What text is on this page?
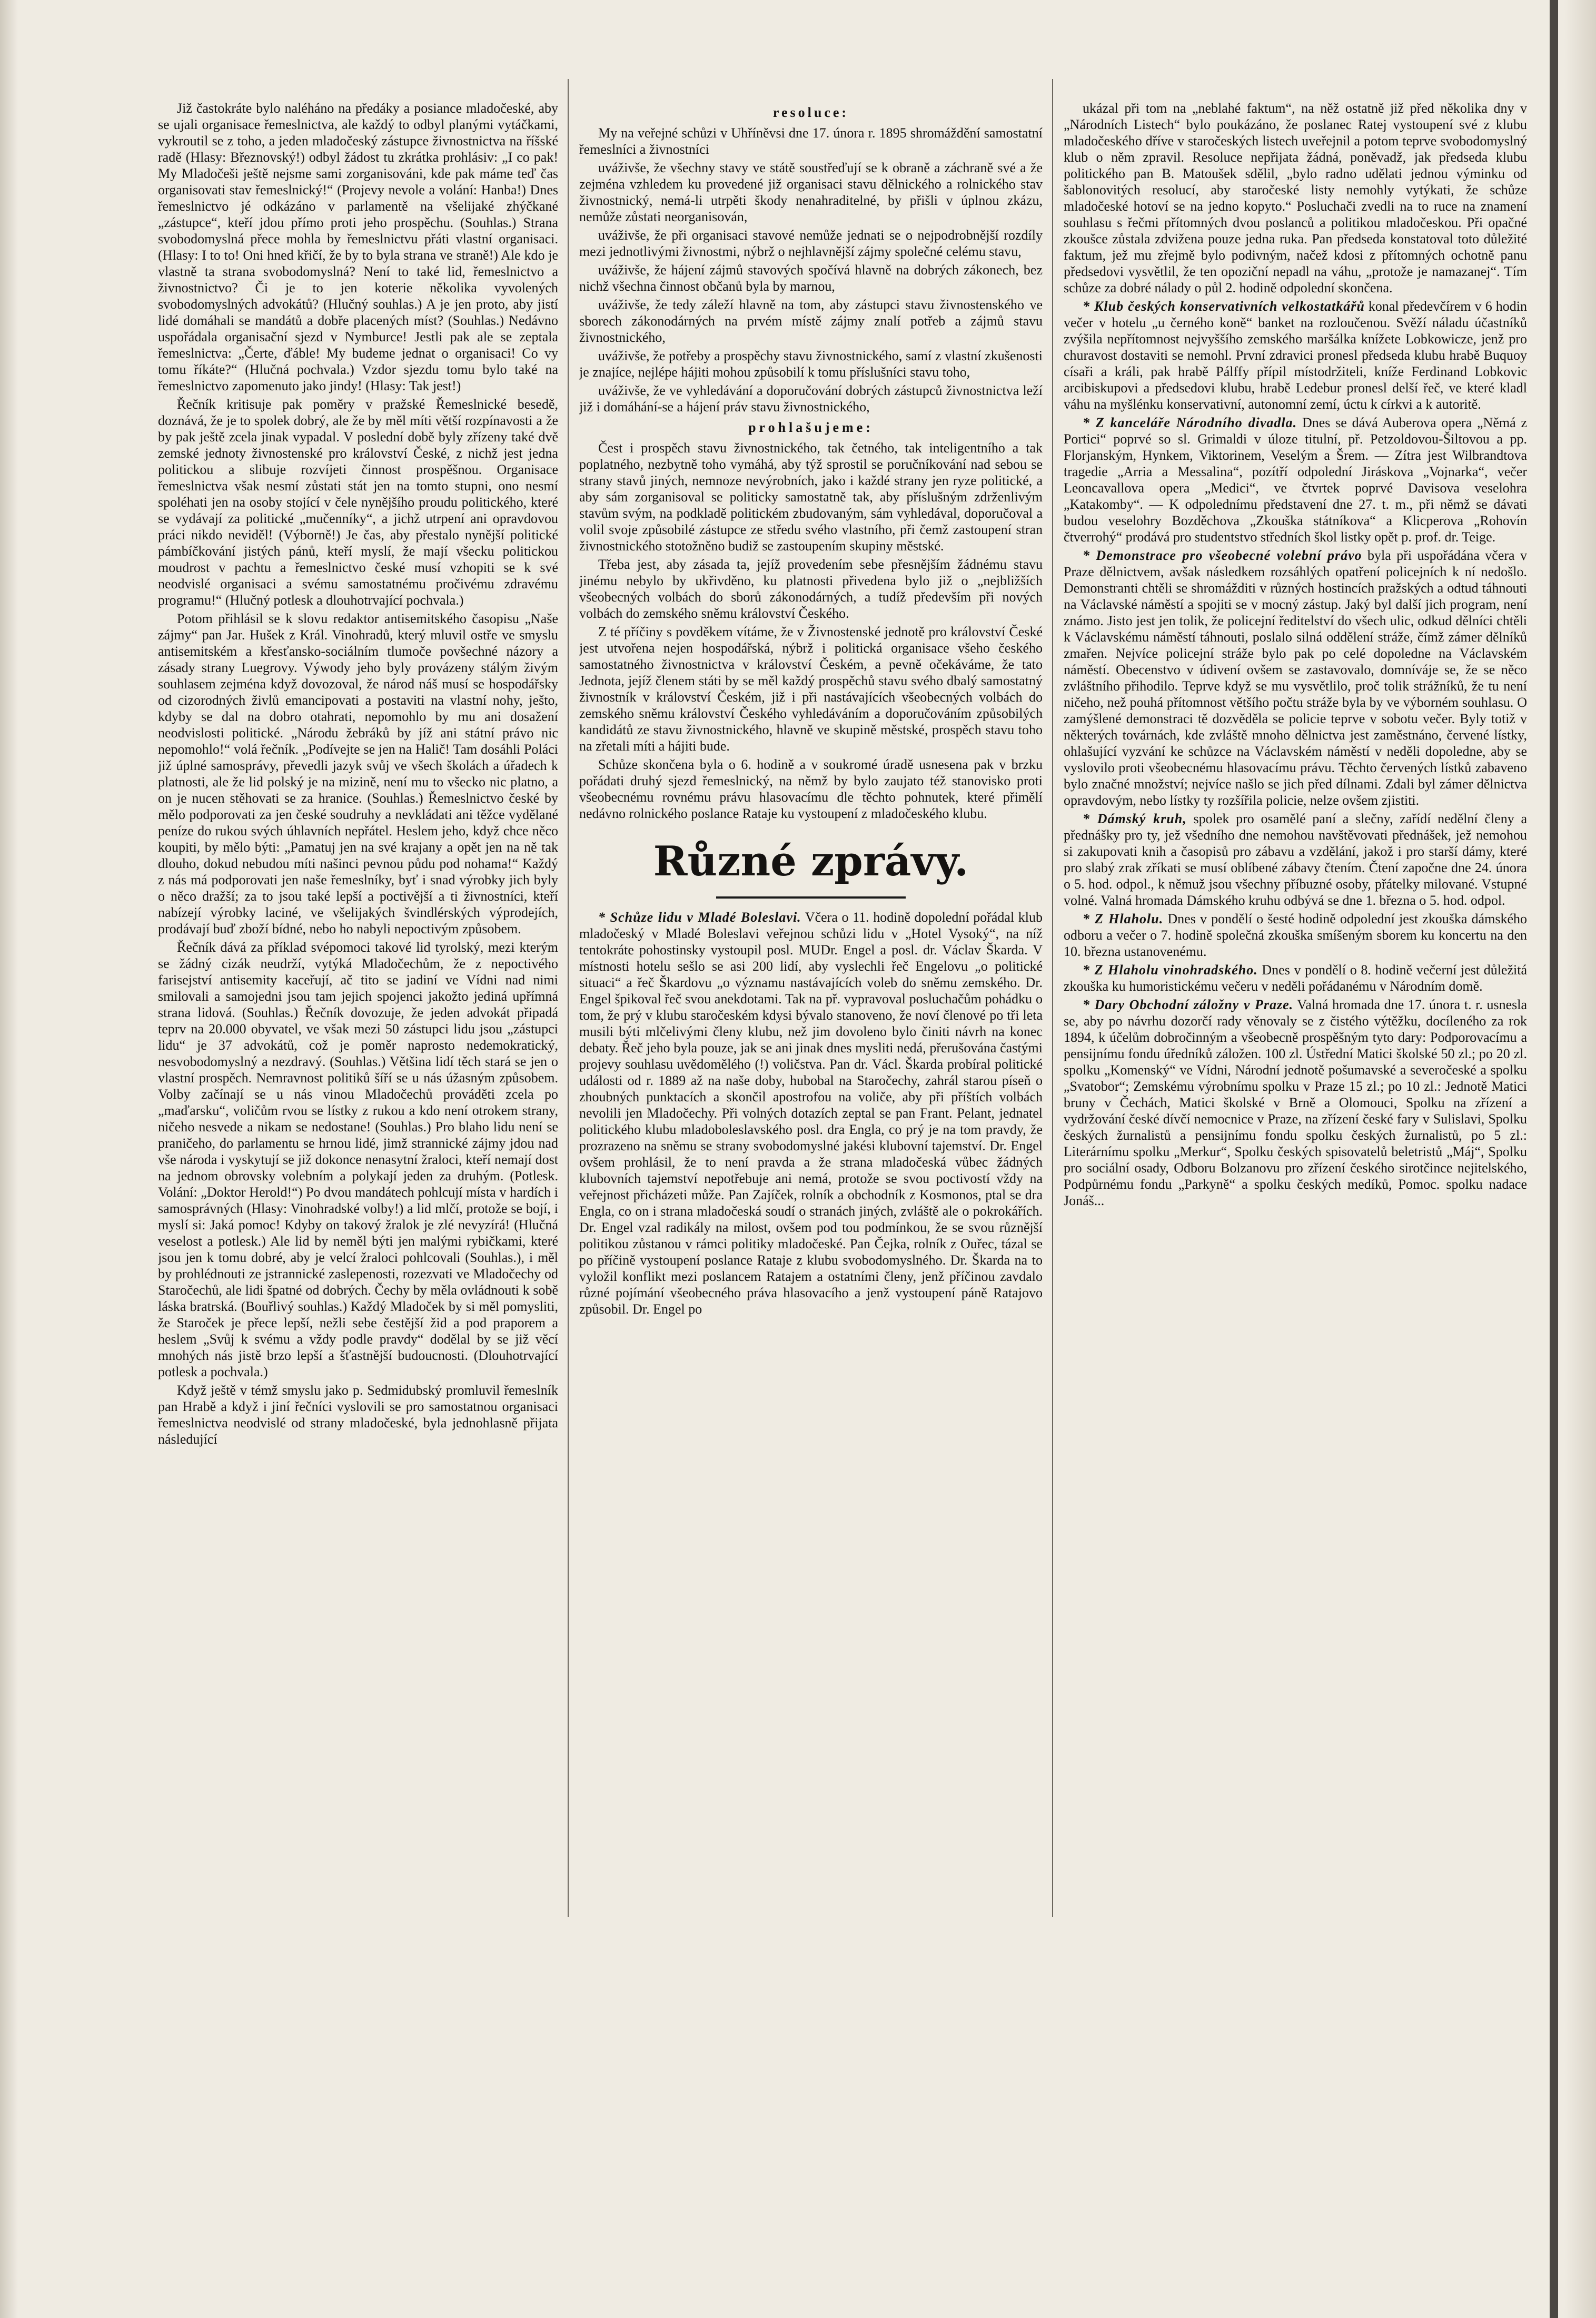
Již častokráte bylo naléháno na předáky a posiance mladočeské, aby se ujali organisace řemeslnictva, ale každý to odbyl planými vytáčkami, vykroutil se z toho, a jeden mladočeský zástupce živnostnictva na říšské radě (Hlasy: Březnovský!) odbyl žádost tu zkrátka prohlásiv: „I co pak! My Mladočeši ještě nejsme sami zorganisováni, kde pak máme teď čas organisovati stav řemeslnický!“ (Projevy nevole a volání: Hanba!) Dnes řemeslnictvo jé odkázáno v parlamentě na všelijaké zhýčkané „zástupce“, kteří jdou přímo proti jeho prospěchu. (Souhlas.) Strana svobodomyslná přece mohla by řemeslnictvu přáti vlastní organisaci. (Hlasy: I to to! Oni hned křičí, že by to byla strana ve straně!) Ale kdo je vlastně ta strana svobodomyslná? Není to také lid, řemeslnictvo a živnostnictvo? Či je to jen koterie několika vyvolených svobodomyslných advokátů? (Hlučný souhlas.) A je jen proto, aby jistí lidé domáhali se mandátů a dobře placených míst? (Souhlas.) Nedávno uspořádala organisační sjezd v Nymburce! Jestli pak ale se zeptala řemeslnictva: „Čerte, ďáble! My budeme jednat o organisaci! Co vy tomu říkáte?“ (Hlučná pochvala.) Vzdor sjezdu tomu bylo také na řemeslnictvo zapomenuto jako jindy! (Hlasy: Tak jest!)

Řečník kritisuje pak poměry v pražské Řemeslnické besedě, doznává, že je to spolek dobrý, ale že by měl míti větší rozpínavosti a že by pak ještě zcela jinak vypadal. V poslední době byly zřízeny také dvě zemské jednoty živnostenské pro království České, z nichž jest jedna politickou a slibuje rozvíjeti činnost prospěšnou. Organisace řemeslnictva však nesmí zůstati stát jen na tomto stupni, ono nesmí spoléhati jen na osoby stojící v čele nynějšího proudu politického, které se vydávají za politické „mučenníky“, a jichž utrpení ani opravdovou práci nikdo neviděl! (Výborně!) Je čas, aby přestalo nynější politické pámbíčkování jistých pánů, kteří myslí, že mají všecku politickou moudrost v pachtu a řemeslnictvo české musí vzhopiti se k své neodvislé organisaci a svému samostatnému pročivému zdravému programu!“ (Hlučný potlesk a dlouhotrvající pochvala.)

Potom přihlásil se k slovu redaktor antisemitského časopisu „Naše zájmy“ pan Jar. Hušek z Král. Vinohradů, který mluvil ostře ve smyslu antisemitském a křesťansko-sociálním tlumoče povšechné názory a zásady strany Luegrovy. Výwody jeho byly provázeny stálým živým souhlasem zejména když dovozoval, že národ náš musí se hospodářsky od cizorodných živlů emancipovati a postaviti na vlastní nohy, ješto, kdyby se dal na dobro otahrati, nepomohlo by mu ani dosažení neodvislosti politické. „Národu žebráků by jíž ani státní právo nic nepomohlo!“ volá řečník. „Podívejte se jen na Halič! Tam dosáhli Poláci již úplné samosprávy, převedli jazyk svůj ve všech školách a úřadech k platnosti, ale že lid polský je na mizině, není mu to všecko nic platno, a on je nucen stěhovati se za hranice. (Souhlas.) Řemeslnictvo české by mělo podporovati za jen české soudruhy a nevkládati ani těžce vydělané peníze do rukou svých úhlavních nepřátel. Heslem jeho, když chce něco koupiti, by mělo býti: „Pamatuj jen na své krajany a opět jen na ně tak dlouho, dokud nebudou míti našinci pevnou půdu pod nohama!“ Každý z nás má podporovati jen naše řemeslníky, byť i snad výrobky jich byly o něco dražší; za to jsou také lepší a poctivější a ti živnostníci, kteří nabízejí výrobky laciné, ve všelijakých švindlérských výprodejích, prodávají buď zboží bídné, nebo ho nabyli nepoctivým způsobem.

Řečník dává za příklad svépomoci takové lid tyrolský, mezi kterým se žádný cizák neudrží, vytýká Mladočechům, že z nepoctivého farisejství antisemity kaceřují, ač tito se jadiní ve Vídni nad nimi smilovali a samojedni jsou tam jejich spojenci jakožto jediná upřímná strana lidová. (Souhlas.) Řečník dovozuje, že jeden advokát připadá teprv na 20.000 obyvatel, ve však mezi 50 zástupci lidu jsou „zástupci lidu“ je 37 advokátů, což je poměr naprosto nedemokratický, nesvobodomyslný a nezdravý. (Souhlas.) Většina lidí těch stará se jen o vlastní prospěch. Nemravnost politiků šíří se u nás úžasným způsobem. Volby začínají se u nás vinou Mladočechů prováděti zcela po „maďarsku“, voličům rvou se lístky z rukou a kdo není otrokem strany, ničeho nesvede a nikam se nedostane! (Souhlas.) Pro blaho lidu není se praničeho, do parlamentu se hrnou lidé, jimž strannické zájmy jdou nad vše národa i vyskytují se již dokonce nenasytní žraloci, kteří nemají dost na jednom obrovsky volebním a polykají jeden za druhým. (Potlesk. Volání: „Doktor Herold!“) Po dvou mandátech pohlcují místa v hardích i samosprávných (Hlasy: Vinohradské volby!) a lid mlčí, protože se bojí, i myslí si: Jaká pomoc! Kdyby on takový žralok je zlé nevyzírá! (Hlučná veselost a potlesk.) Ale lid by neměl býti jen malými rybičkami, které jsou jen k tomu dobré, aby je velcí žraloci pohlcovali (Souhlas.), i měl by prohlédnouti ze jstrannické zaslepenosti, rozezvati ve Mladočechy od Staročechů, ale lidi špatné od dobrých. Čechy by měla ovládnouti k sobě láska bratrská. (Bouřlivý souhlas.) Každý Mladoček by si měl pomysliti, že Staroček je přece lepší, nežli sebe čestější žid a pod praporem a heslem „Svůj k svému a vždy podle pravdy“ dodělal by se již věcí mnohých nás jistě brzo lepší a šťastnější budoucnosti. (Dlouhotrvající potlesk a pochvala.)

Když ještě v témž smyslu jako p. Sedmidubský promluvil řemeslník pan Hrabě a když i jiní řečníci vyslovili se pro samostatnou organisaci řemeslnictva neodvislé od strany mladočeské, byla jednohlasně přijata následující

resoluce:

My na veřejné schůzi v Uhříněvsi dne 17. února r. 1895 shromáždění samostatní řemeslníci a živnostníci

uváživše, že všechny stavy ve státě soustřeďují se k obraně a záchraně své a že zejména vzhledem ku provedené již organisaci stavu dělnického a rolnického stav živnostnický, nemá-li utrpěti škody nenahraditelné, by přišli v úplnou zkázu, nemůže zůstati neorganisován,

uváživše, že při organisaci stavové nemůže jednati se o nejpodrobnější rozdíly mezi jednotlivými živnostmi, nýbrž o nejhlavnější zájmy společné celému stavu,

uváživše, že hájení zájmů stavových spočívá hlavně na dobrých zákonech, bez nichž všechna činnost občanů byla by marnou,

uváživše, že tedy záleží hlavně na tom, aby zástupci stavu živnostenského ve sborech zákonodárných na prvém místě zájmy znalí potřeb a zájmů stavu živnostnického,

uváživše, že potřeby a prospěchy stavu živnostnického, samí z vlastní zkušenosti je znajíce, nejlépe hájiti mohou způsobilí k tomu příslušníci stavu toho,

uváživše, že ve vyhledávání a doporučování dobrých zástupců živnostnictva leží již i domáhání-se a hájení práv stavu živnostnického,

prohlašujeme:

Čest i prospěch stavu živnostnického, tak četného, tak inteligentního a tak poplatného, nezbytně toho vymáhá, aby týž sprostil se poručníkování nad sebou se strany stavů jiných, nemnoze nevýrobních, jako i každé strany jen ryze politické, a aby sám zorganisoval se politicky samostatně tak, aby příslušným zdrženlivým stavům svým, na podkladě politickém zbudovaným, sám vyhledával, doporučoval a volil svoje způsobilé zástupce ze středu svého vlastního, při čemž zastoupení stran živnostnického stotožněno budiž se zastoupením skupiny městské.

Třeba jest, aby zásada ta, jejíž provedením sebe přesnějším žádnému stavu jinému nebylo by ukřivděno, ku platnosti přivedena bylo již o „nejbližších všeobecných volbách do sborů zákonodárných, a tudíž především při nových volbách do zemského sněmu království Českého.

Z té příčiny s povděkem vítáme, že v Živnostenské jednotě pro království České jest utvořena nejen hospodářská, nýbrž i politická organisace všeho českého samostatného živnostnictva v království Českém, a pevně očekáváme, že tato Jednota, jejíž členem státi by se měl každý prospěchů stavu svého dbalý samostatný živnostník v království Českém, již i při nastávajících všeobecných volbách do zemského sněmu království Českého vyhledáváním a doporučováním způsobilých kandidátů ze stavu živnostnického, hlavně ve skupině městské, prospěch stavu toho na zřetali míti a hájiti bude.

Schůze skončena byla o 6. hodině a v soukromé úradě usnesena pak v brzku pořádati druhý sjezd řemeslnický, na němž by bylo zaujato též stanovisko proti všeobecnému rovnému právu hlasovacímu dle těchto pohnutek, které přimělí nedávno rolnického poslance Rataje ku vystoupení z mladočeského klubu.

Různé zprávy.

* Schůze lidu v Mladé Boleslavi. Včera o 11. hodině dopolední pořádal klub mladočeský v Mladé Boleslavi veřejnou schůzi lidu v „Hotel Vysoký“, na níž tentokráte pohostinsky vystoupil posl. MUDr. Engel a posl. dr. Václav Škarda. V místnosti hotelu sešlo se asi 200 lidí, aby vyslechli řeč Engelovu „o politické situaci“ a řeč Škardovu „o významu nastávajících voleb do sněmu zemského. Dr. Engel špikoval řeč svou anekdotami. Tak na př. vypravoval posluchačům pohádku o tom, že prý v klubu staročeském kdysi bývalo stanoveno, že noví členové po tři leta musili býti mlčelivými členy klubu, než jim dovoleno bylo činiti návrh na konec debaty. Řeč jeho byla pouze, jak se ani jinak dnes mysliti nedá, přerušována častými projevy souhlasu uvědomělého (!) voličstva. Pan dr. Václ. Škarda probíral politické události od r. 1889 až na naše doby, hubobal na Staročechy, zahrál starou píseň o zhoubných punktacích a skončil apostrofou na voliče, aby při příštích volbách nevolili jen Mladočechy. Při volných dotazích zeptal se pan Frant. Pelant, jednatel politického klubu mladoboleslavského posl. dra Engla, co prý je na tom pravdy, že prozrazeno na sněmu se strany svobodomyslné jakési klubovní tajemství. Dr. Engel ovšem prohlásil, že to není pravda a že strana mladočeská vůbec žádných klubovních tajemství nepotřebuje ani nemá, protože se svou poctivostí vždy na veřejnost přicházeti může. Pan Zajíček, rolník a obchodník z Kosmonos, ptal se dra Engla, co on i strana mladočeská soudí o stranách jiných, zvláště ale o pokrokářích. Dr. Engel vzal radikály na milost, ovšem pod tou podmínkou, že se svou různější politikou zůstanou v rámci politiky mladočeské. Pan Čejka, rolník z Ouřec, tázal se po příčině vystoupení poslance Rataje z klubu svobodomyslného. Dr. Škarda na to vyložil konflikt mezi poslancem Ratajem a ostatními členy, jenž příčinou zavdalo různé pojímání všeobecného práva hlasovacího a jenž vystoupení páně Ratajovo způsobil. Dr. Engel po

ukázal při tom na „neblahé faktum“, na něž ostatně již před několika dny v „Národních Listech“ bylo poukázáno, že poslanec Ratej vystoupení své z klubu mladočeského dříve v staročeských listech uveřejnil a potom teprve svobodomyslný klub o něm zpravil. Resoluce nepřijata žádná, poněvadž, jak předseda klubu politického pan B. Matoušek sdělil, „bylo radno udělati jednou výminku od šablonovitých resolucí, aby staročeské listy nemohly vytýkati, že schůze mladočeské hotoví se na jedno kopyto.“ Posluchači zvedli na to ruce na znamení souhlasu s řečmi přítomných dvou poslanců a politikou mladočeskou. Při opačné zkoušce zůstala zdvižena pouze jedna ruka. Pan předseda konstatoval toto důležité faktum, jež mu zřejmě bylo podivným, načež kdosi z přítomných ochotně panu předsedovi vysvětlil, že ten opoziční nepadl na váhu, „protože je namazanej“. Tím schůze za dobré nálady o půl 2. hodině odpolední skončena.

* Klub českých konservativních velkostatkářů konal předevčírem v 6 hodin večer v hotelu „u černého koně“ banket na rozloučenou. Svěží náladu účastníků zvýšila nepřítomnost nejvyššího zemského maršálka knížete Lobkowicze, jenž pro churavost dostaviti se nemohl. První zdravici pronesl předseda klubu hrabě Buquoy císaři a králi, pak hrabě Pálffy přípil místodržiteli, kníže Ferdinand Lobkovic arcibiskupovi a předsedovi klubu, hrabě Ledebur pronesl delší řeč, ve které kladl váhu na myšlénku konservativní, autonomní zemí, úctu k církvi a k autoritě.

* Z kanceláře Národního divadla. Dnes se dává Auberova opera „Němá z Portici“ poprvé so sl. Grimaldi v úloze titulní, př. Petzoldovou-Šiltovou a pp. Florjanským, Hynkem, Viktorinem, Veselým a Šrem. — Zítra jest Wilbrandtova tragedie „Arria a Messalina“, pozítří odpolední Jiráskova „Vojnarka“, večer Leoncavallova opera „Medici“, ve čtvrtek poprvé Davisova veselohra „Katakomby“. — K odpolednímu představení dne 27. t. m., při němž se dávati budou veselohry Bozděchova „Zkouška státníkova“ a Klicperova „Rohovín čtverrohý“ prodává pro studentstvo středních škol listky opět p. prof. dr. Teige.

* Demonstrace pro všeobecné volební právo byla při uspořádána včera v Praze dělnictvem, avšak následkem rozsáhlých opatření policejních k ní nedošlo. Demonstranti chtěli se shromážditi v různých hostincích pražských a odtud táhnouti na Václavské náměstí a spojiti se v mocný zástup. Jaký byl další jich program, není známo. Jisto jest jen tolik, že policejní ředitelství do všech ulic, odkud dělníci chtěli k Václavskému náměstí táhnouti, poslalo silná oddělení stráže, čímž zámer dělníků zmařen. Nejvíce policejní stráže bylo pak po celé dopoledne na Václavském náměstí. Obecenstvo v údivení ovšem se zastavovalo, domníváje se, že se něco zvláštního přihodilo. Teprve když se mu vysvětlilo, proč tolik strážníků, že tu není ničeho, než pouhá přítomnost většího počtu stráže byla by ve výborném souhlasu. O zamýšlené demonstraci tě dozvěděla se policie teprve v sobotu večer. Byly totiž v některých továrnách, kde zvláště mnoho dělnictva jest zaměstnáno, červené lístky, ohlašující vyzvání ke schůzce na Václavském náměstí v neděli dopoledne, aby se vyslovilo proti všeobecnému hlasovacímu právu. Těchto červených lístků zabaveno bylo značné množství; nejvíce našlo se jich před dílnami. Zdali byl zámer dělnictva opravdovým, nebo lístky ty rozšířila policie, nelze ovšem zjistiti.

* Dámský kruh, spolek pro osamělé paní a slečny, zařídí nedělní členy a přednášky pro ty, jež všedního dne nemohou navštěvovati přednášek, jež nemohou si zakupovati knih a časopisů pro zábavu a vzdělání, jakož i pro starší dámy, které pro slabý zrak zříkati se musí oblíbené zábavy čtením. Čtení započne dne 24. února o 5. hod. odpol., k němuž jsou všechny příbuzné osoby, přátelky milované. Vstupné volné. Valná hromada Dámského kruhu odbývá se dne 1. března o 5. hod. odpol.

* Z Hlaholu. Dnes v pondělí o šesté hodině odpolední jest zkouška dámského odboru a večer o 7. hodině společná zkouška smíšeným sborem ku koncertu na den 10. března ustanovenému.

* Z Hlaholu vinohradského. Dnes v pondělí o 8. hodině večerní jest důležitá zkouška ku humoristickému večeru v neděli pořádanému v Národním domě.

* Dary Obchodní záložny v Praze. Valná hromada dne 17. února t. r. usnesla se, aby po návrhu dozorčí rady věnovaly se z čistého výtěžku, docíleného za rok 1894, k účelům dobročinným a všeobecně prospěšným tyto dary: Podporovacímu a pensijnímu fondu úředníků záložen. 100 zl. Ústřední Matici školské 50 zl.; po 20 zl. spolku „Komenský“ ve Vídni, Národní jednotě pošumavské a severočeské a spolku „Svatobor“; Zemskému výrobnímu spolku v Praze 15 zl.; po 10 zl.: Jednotě Matici bruny v Čechách, Matici školské v Brně a Olomouci, Spolku na zřízení a vydržování české dívčí nemocnice v Praze, na zřízení české fary v Sulislavi, Spolku českých žurnalistů a pensijnímu fondu spolku českých žurnalistů, po 5 zl.: Literárnímu spolku „Merkur“, Spolku českých spisovatelů beletristů „Máj“, Spolku pro sociální osady, Odboru Bolzanovu pro zřízení českého sirotčince nejitelského, Podpůrnému fondu „Parkyně“ a spolku českých medíků, Pomoc. spolku nadace Jonáš...
